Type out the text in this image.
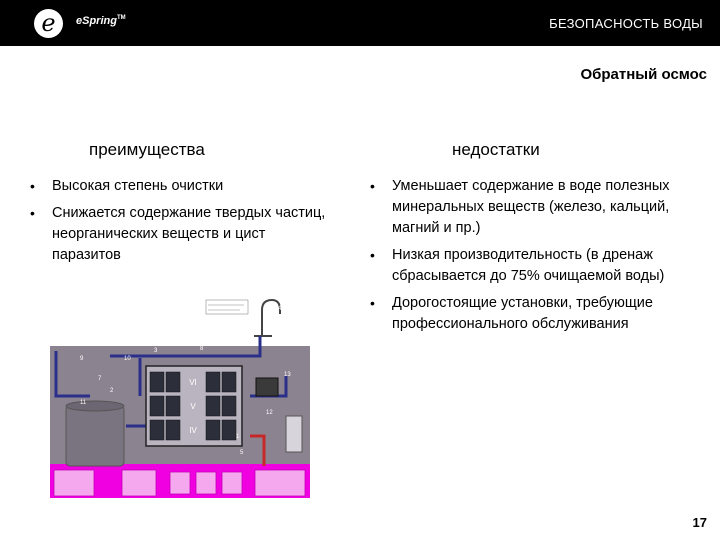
e	eSpring™	БЕЗОПАСНОСТЬ ВОДЫ
Обратный осмос
преимущества	недостатки
• Высокая степень очистки
• Снижается содержание твердых частиц, неорганических веществ и цист паразитов
• Уменьшает содержание в воде полезных минеральных веществ (железо, кальций, магний и пр.)
• Низкая производительность (в дренаж сбрасывается до 75% очищаемой воды)
• Дорогостоящие установки, требующие профессионального обслуживания
VI
V
IV
1
2
3
4
5
6
7
8
9	10
11
12
13
17
